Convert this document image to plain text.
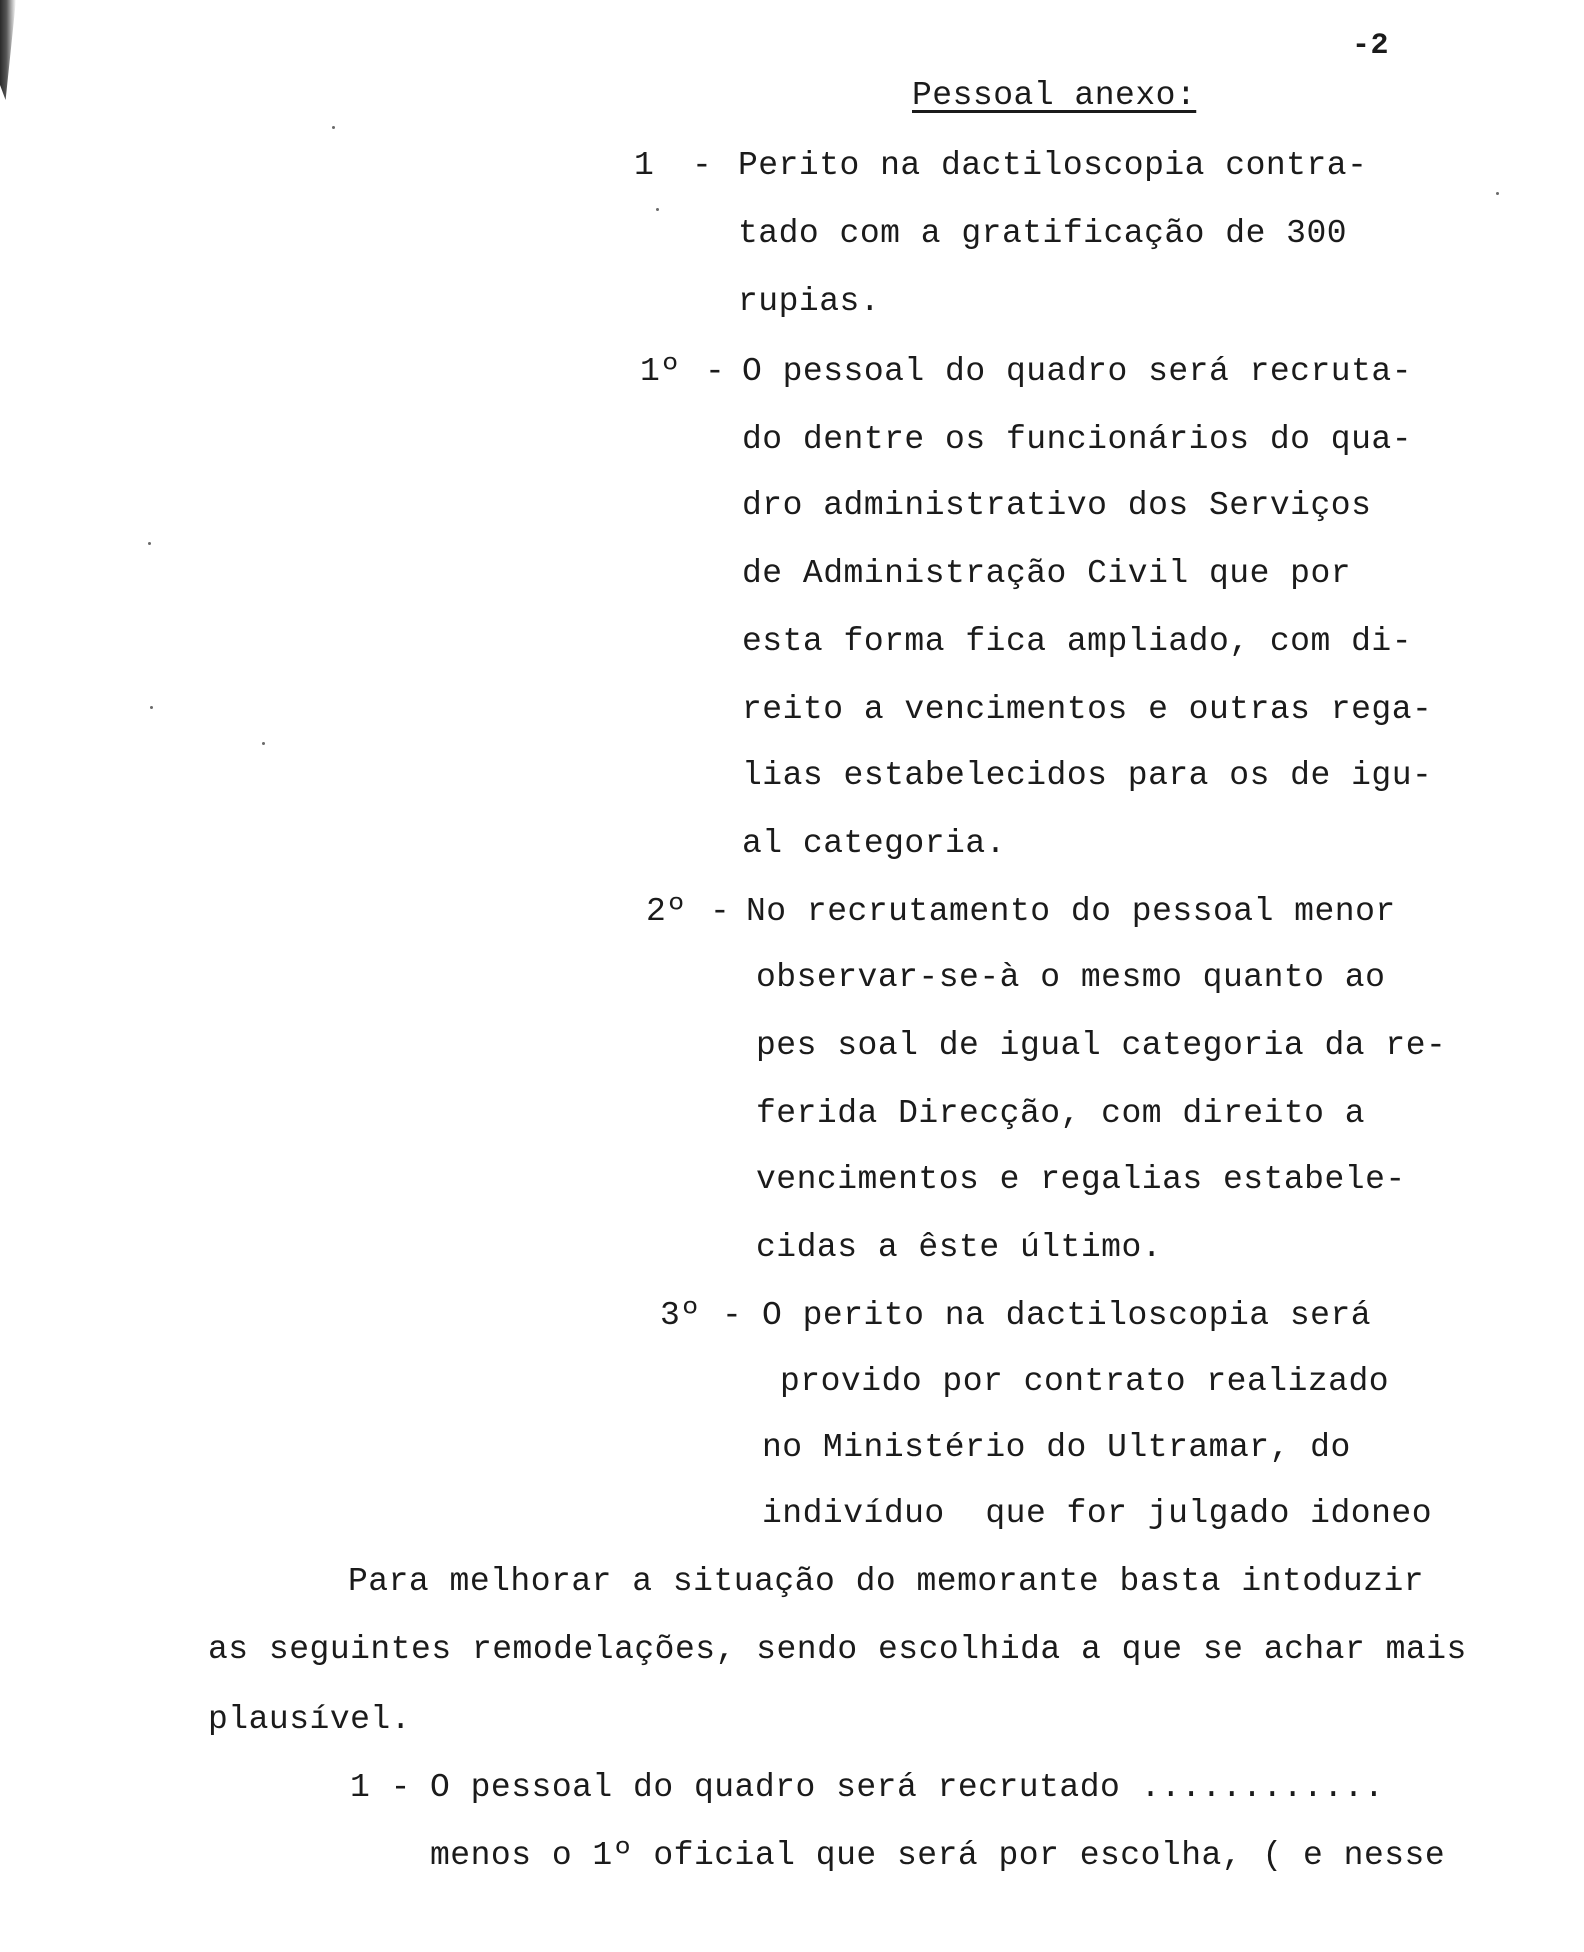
-2
Pessoal anexo:
1 - Perito na dactiloscopia contra-
tado com a gratificação de 300
rupias.
1º - O pessoal do quadro será recruta-
do dentre os funcionários do qua-
dro administrativo dos Serviços
de Administração Civil que por
esta forma fica ampliado, com di-
reito a vencimentos e outras rega-
lias estabelecidos para os de igu-
al categoria.
2º - No recrutamento do pessoal menor
observar-se-à o mesmo quanto ao
pes soal de igual categoria da re-
ferida Direcção, com direito a
vencimentos e regalias estabele-
cidas a êste último.
3º - O perito na dactiloscopia será
provido por contrato realizado
no Ministério do Ultramar, do
indivíduo  que for julgado idoneo
Para melhorar a situação do memorante basta intoduzir
as seguintes remodelações, sendo escolhida a que se achar mais
plausível.
1 - O pessoal do quadro será recrutado ............
menos o 1º oficial que será por escolha, ( e nesse
